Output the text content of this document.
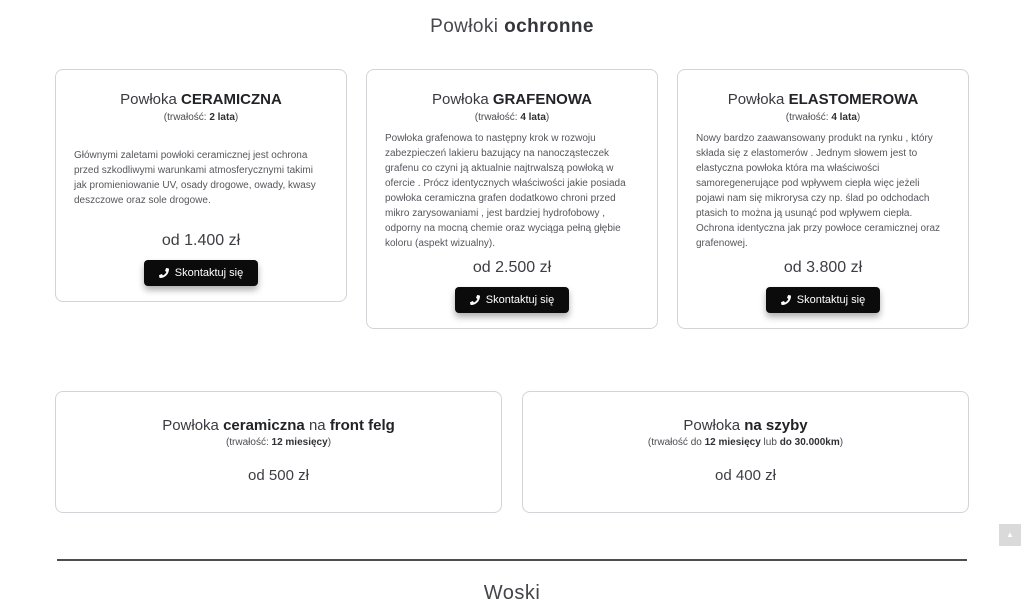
Powłoki ochronne
Powłoka CERAMICZNA
(trwałość: 2 lata)

Głównymi zaletami powłoki ceramicznej jest ochrona przed szkodliwymi warunkami atmosferycznymi takimi jak promieniowanie UV, osady drogowe, owady, kwasy deszczowe oraz sole drogowe.

od 1.400 zł
Skontaktuj się
Powłoka GRAFENOWA
(trwałość: 4 lata)

Powłoka grafenowa to następny krok w rozwoju zabezpieczeń lakieru bazujący na nanocząsteczek grafenu co czyni ją aktualnie najtrwalszą powłoką w ofercie . Prócz identycznych właściwości jakie posiada powłoka ceramiczna grafen dodatkowo chroni przed mikro zarysowaniami , jest bardziej hydrofobowy , odporny na mocną chemie oraz wyciąga pełną głębie koloru (aspekt wizualny).

od 2.500 zł
Skontaktuj się
Powłoka ELASTOMEROWA
(trwałość: 4 lata)

Nowy bardzo zaawansowany produkt na rynku , który składa się z elastomerów . Jednym słowem jest to elastyczna powłoka która ma właściwości samoregenerujące pod wpływem ciepła więc jeżeli pojawi nam się mikrorysa czy np. ślad po odchodach ptasich to można ją usunąć pod wpływem ciepła. Ochrona identyczna jak przy powłoce ceramicznej oraz grafenowej.

od 3.800 zł
Skontaktuj się
Powłoka ceramiczna na front felg
(trwałość: 12 miesięcy)
od 500 zł
Powłoka na szyby
(trwałość do 12 miesięcy lub do 30.000km)
od 400 zł
Woski
▲
